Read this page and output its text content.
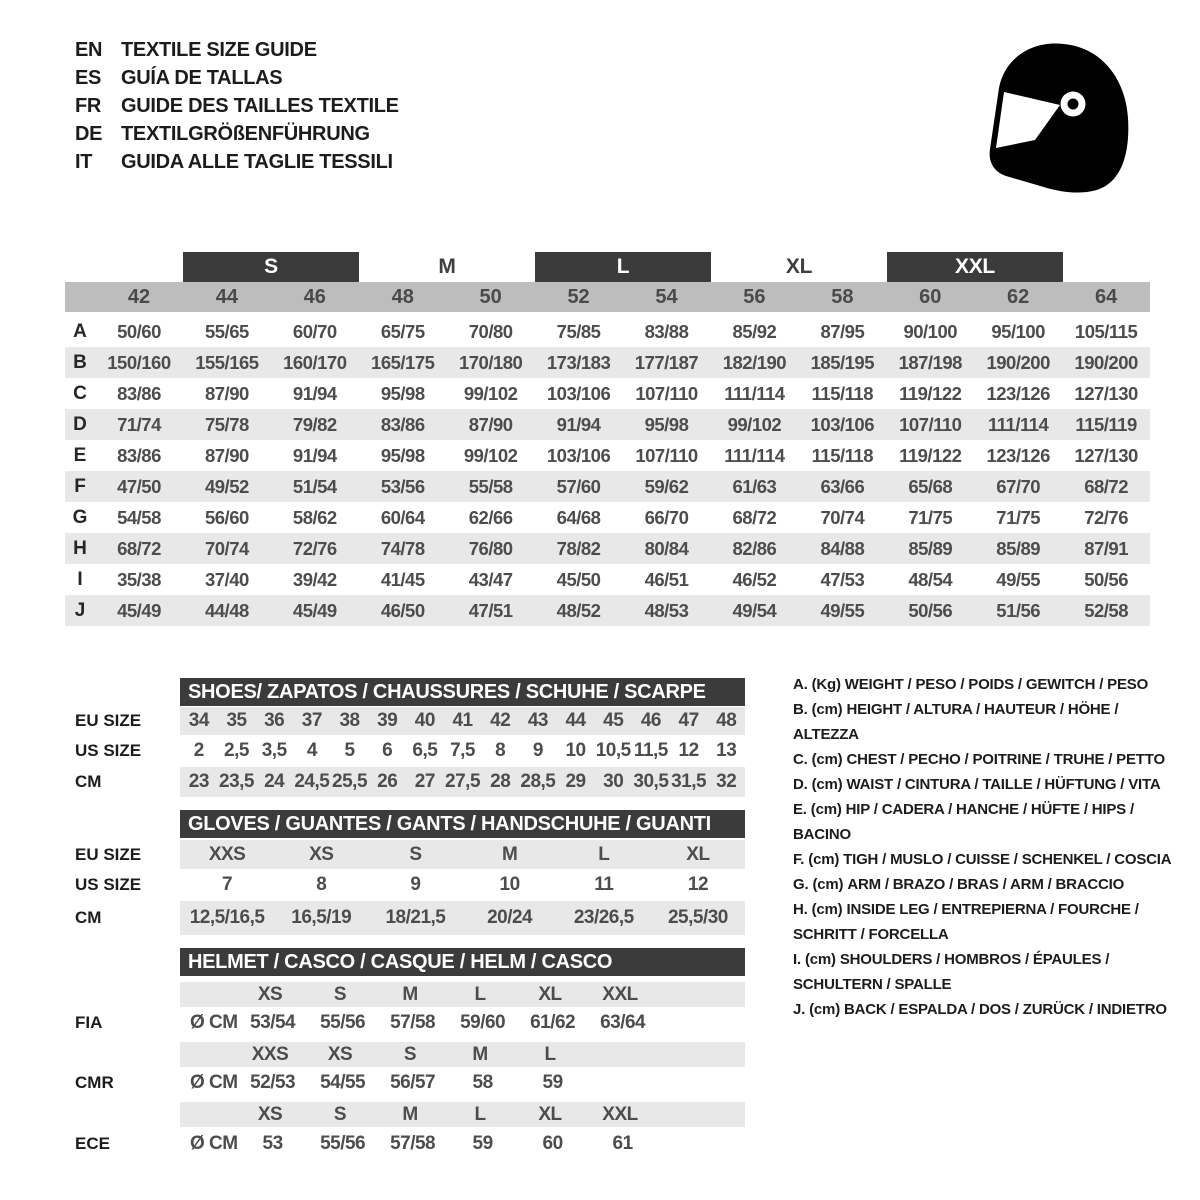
EN TEXTILE SIZE GUIDE
ES GUÍA DE TALLAS
FR GUIDE DES TAILLES TEXTILE
DE TEXTILGRÖßENFÜHRUNG
IT	GUIDA ALLE TAGLIE TESSILI
S	M	L	XL	XXL
42	44	46	48	50	52	54	56	58	60	62	64
A	50/60	55/65	60/70	65/75	70/80	75/85	83/88	85/92	87/95	90/100	95/100	105/115
B	150/160	155/165	160/170	165/175	170/180	173/183	177/187	182/190	185/195	187/198	190/200	190/200
C	83/86	87/90	91/94	95/98	99/102	103/106	107/110	111/114	115/118	119/122	123/126	127/130
D	71/74	75/78	79/82	83/86	87/90	91/94	95/98	99/102	103/106	107/110	111/114	115/119
E	83/86	87/90	91/94	95/98	99/102	103/106	107/110	111/114	115/118	119/122	123/126	127/130
F	47/50	49/52	51/54	53/56	55/58	57/60	59/62	61/63	63/66	65/68	67/70	68/72
G	54/58	56/60	58/62	60/64	62/66	64/68	66/70	68/72	70/74	71/75	71/75	72/76
H	68/72	70/74	72/76	74/78	76/80	78/82	80/84	82/86	84/88	85/89	85/89	87/91
I	35/38	37/40	39/42	41/45	43/47	45/50	46/51	46/52	47/53	48/54	49/55	50/56
J	45/49	44/48	45/49	46/50	47/51	48/52	48/53	49/54	49/55	50/56	51/56	52/58
SHOES/ ZAPATOS / CHAUSSURES / SCHUHE / SCARPE
GLOVES / GUANTES / GANTS / HANDSCHUHE / GUANTI
HELMET / CASCO / CASQUE / HELM / CASCO
EU SIZE	34 35 36 37 38 39 40 41 42 43 44 45 46 47 48
US SIZE	2	2,5 3,5	4	5	6	6,5 7,5	8	9	10 10,5 11,5 12 13
CM	23 23,5 24 24,5 25,5 26 27 27,5 28 28,5 29 30 30,5 31,5 32
EU SIZE	XXS	XS	S	M	L	XL
US SIZE	7	8	9	10	11	12
CM	12,5/16,5	16,5/19	18/21,5	20/24	23/26,5	25,5/30
XS	S	M	L	XL	XXL
FIA	Ø CM 53/54	55/56	57/58	59/60	61/62	63/64
XXS	XS	S	M	L
CMR	Ø CM 52/53	54/55	56/57	58	59
XS	S	M	L	XL	XXL
ECE	Ø CM	53	55/56	57/58	59	60	61
A. (Kg) WEIGHT / PESO / POIDS / GEWITCH / PESO
B. (cm) HEIGHT / ALTURA / HAUTEUR / HÖHE / ALTEZZA
C. (cm) CHEST / PECHO / POITRINE / TRUHE / PETTO
D. (cm) WAIST / CINTURA / TAILLE / HÜFTUNG / VITA
E. (cm) HIP / CADERA / HANCHE / HÜFTE / HIPS / BACINO
F. (cm) TIGH / MUSLO / CUISSE / SCHENKEL / COSCIA
G. (cm) ARM / BRAZO / BRAS / ARM / BRACCIO
H. (cm) INSIDE LEG / ENTREPIERNA / FOURCHE / SCHRITT / FORCELLA
I. (cm) SHOULDERS / HOMBROS / ÉPAULES / SCHULTERN / SPALLE
J. (cm) BACK / ESPALDA / DOS / ZURÜCK / INDIETRO
